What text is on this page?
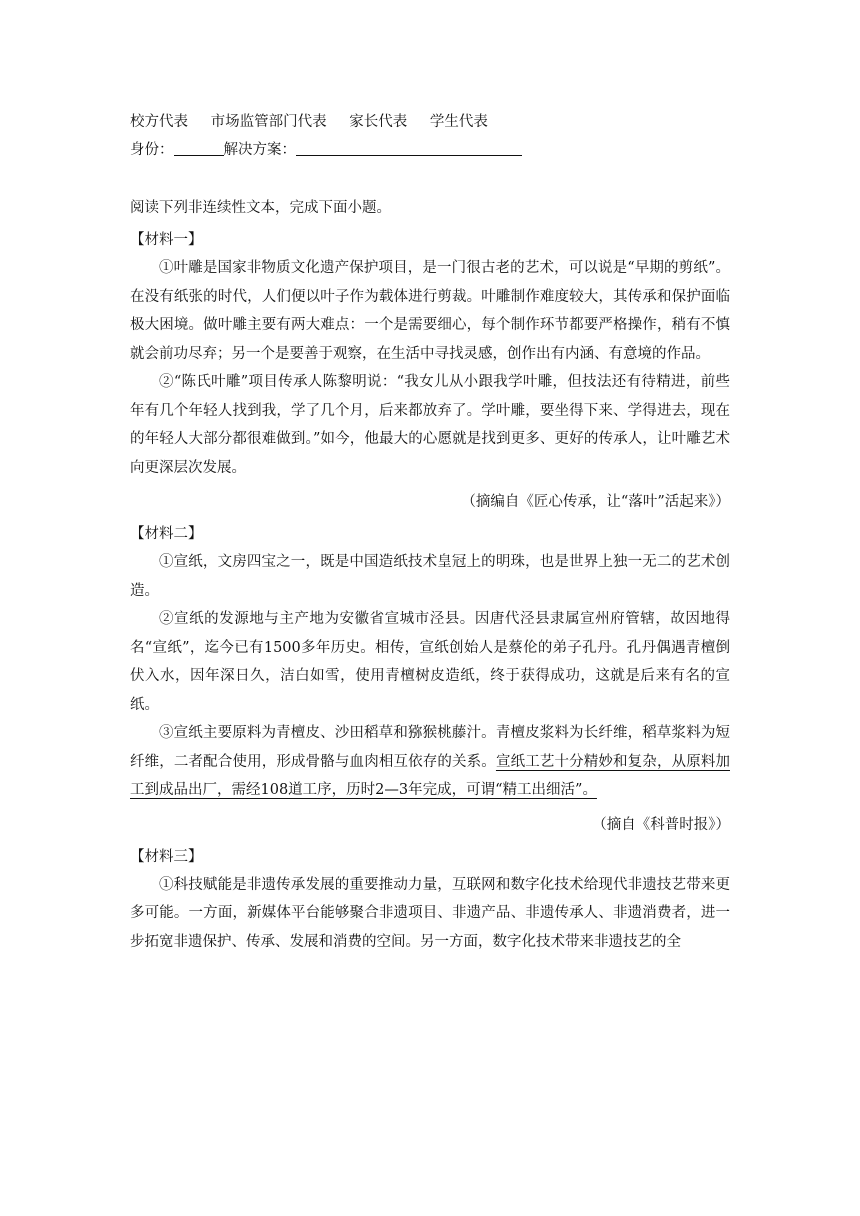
校方代表 市场监管部门代表 家长代表 学生代表
身份：	解决方案：
阅读下列非连续性文本，完成下面小题。
【材料一】

①叶雕是国家非物质文化遗产保护项目，是一门很古老的艺术，可以说是“早期的剪纸”。在没有纸张的时代，人们便以叶子作为载体进行剪裁。叶雕制作难度较大，其传承和保护面临极大困境。做叶雕主要有两大难点：一个是需要细心，每个制作环节都要严格操作，稍有不慎就会前功尽弃；另一个是要善于观察，在生活中寻找灵感，创作出有内涵、有意境的作品。

②“陈氏叶雕”项目传承人陈黎明说：“我女儿从小跟我学叶雕，但技法还有待精进，前些年有几个年轻人找到我，学了几个月，后来都放弃了。学叶雕，要坐得下来、学得进去，现在的年轻人大部分都很难做到。”如今，他最大的心愿就是找到更多、更好的传承人，让叶雕艺术向更深层次发展。

（摘编自《匠心传承，让“落叶”活起来》）
【材料二】

①宣纸，文房四宝之一，既是中国造纸技术皇冠上的明珠，也是世界上独一无二的艺术创造。

②宣纸的发源地与主产地为安徽省宣城市泾县。因唐代泾县隶属宣州府管辖，故因地得名“宣纸”，迄今已有1500多年历史。相传，宣纸创始人是蔡伦的弟子孔丹。孔丹偶遇青檀倒伏入水，因年深日久，洁白如雪，使用青檀树皮造纸，终于获得成功，这就是后来有名的宣纸。

③宣纸主要原料为青檀皮、沙田稻草和猕猴桃藤汁。青檀皮浆料为长纤维，稻草浆料为短纤维，二者配合使用，形成骨骼与血肉相互依存的关系。宣纸工艺十分精妙和复杂，从原料加工到成品出厂，需经108道工序，历时2—3年完成，可谓“精工出细活”。

（摘自《科普时报》）
【材料三】

①科技赋能是非遗传承发展的重要推动力量，互联网和数字化技术给现代非遗技艺带来更多可能。一方面，新媒体平台能够聚合非遗项目、非遗产品、非遗传承人、非遗消费者，进一步拓宽非遗保护、传承、发展和消费的空间。另一方面，数字化技术带来非遗技艺的全
